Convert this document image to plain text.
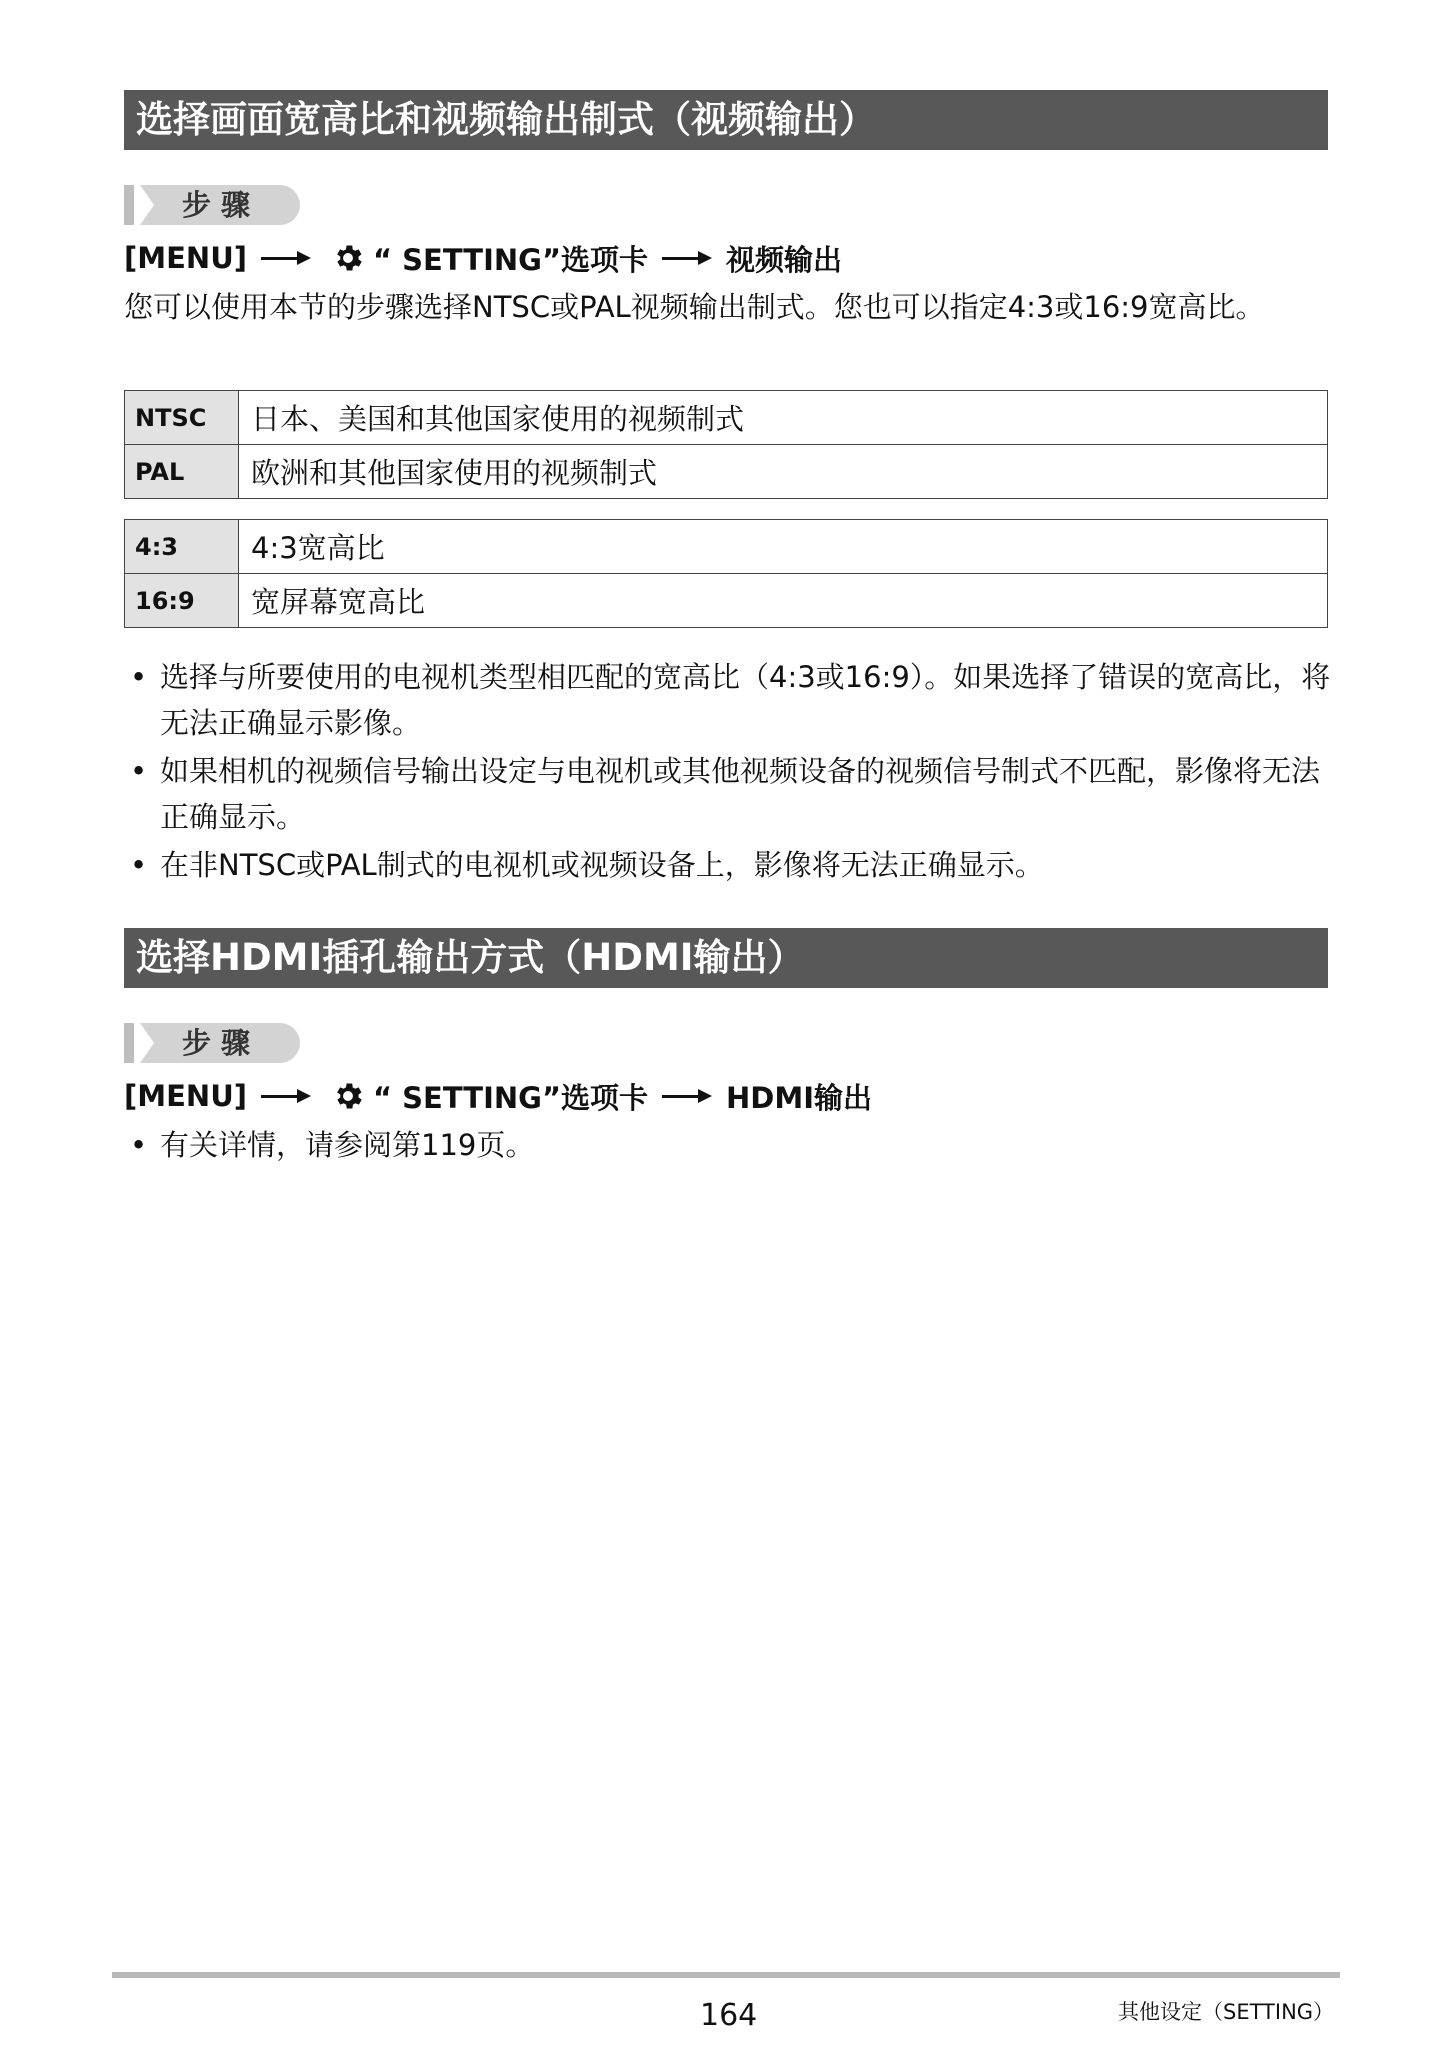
选择画面宽高比和视频输出制式（视频输出）
步骤
[MENU]	“ SETTING”选项卡	视频输出
您可以使用本节的步骤选择NTSC或PAL视频输出制式。您也可以指定4:3或16:9宽高比。
NTSC	日本、美国和其他国家使用的视频制式
PAL	欧洲和其他国家使用的视频制式
4:3	4:3宽高比
16:9	宽屏幕宽高比
• 选择与所要使用的电视机类型相匹配的宽高比（4:3或16:9）。如果选择了错误的宽高比，将无法正确显示影像。
• 如果相机的视频信号输出设定与电视机或其他视频设备的视频信号制式不匹配，影像将无法正确显示。
• 在非NTSC或PAL制式的电视机或视频设备上，影像将无法正确显示。
选择HDMI插孔输出方式（HDMI输出）
步骤
[MENU]	“ SETTING”选项卡	HDMI输出
• 有关详情，请参阅第119页。
164	其他设定（SETTING）
